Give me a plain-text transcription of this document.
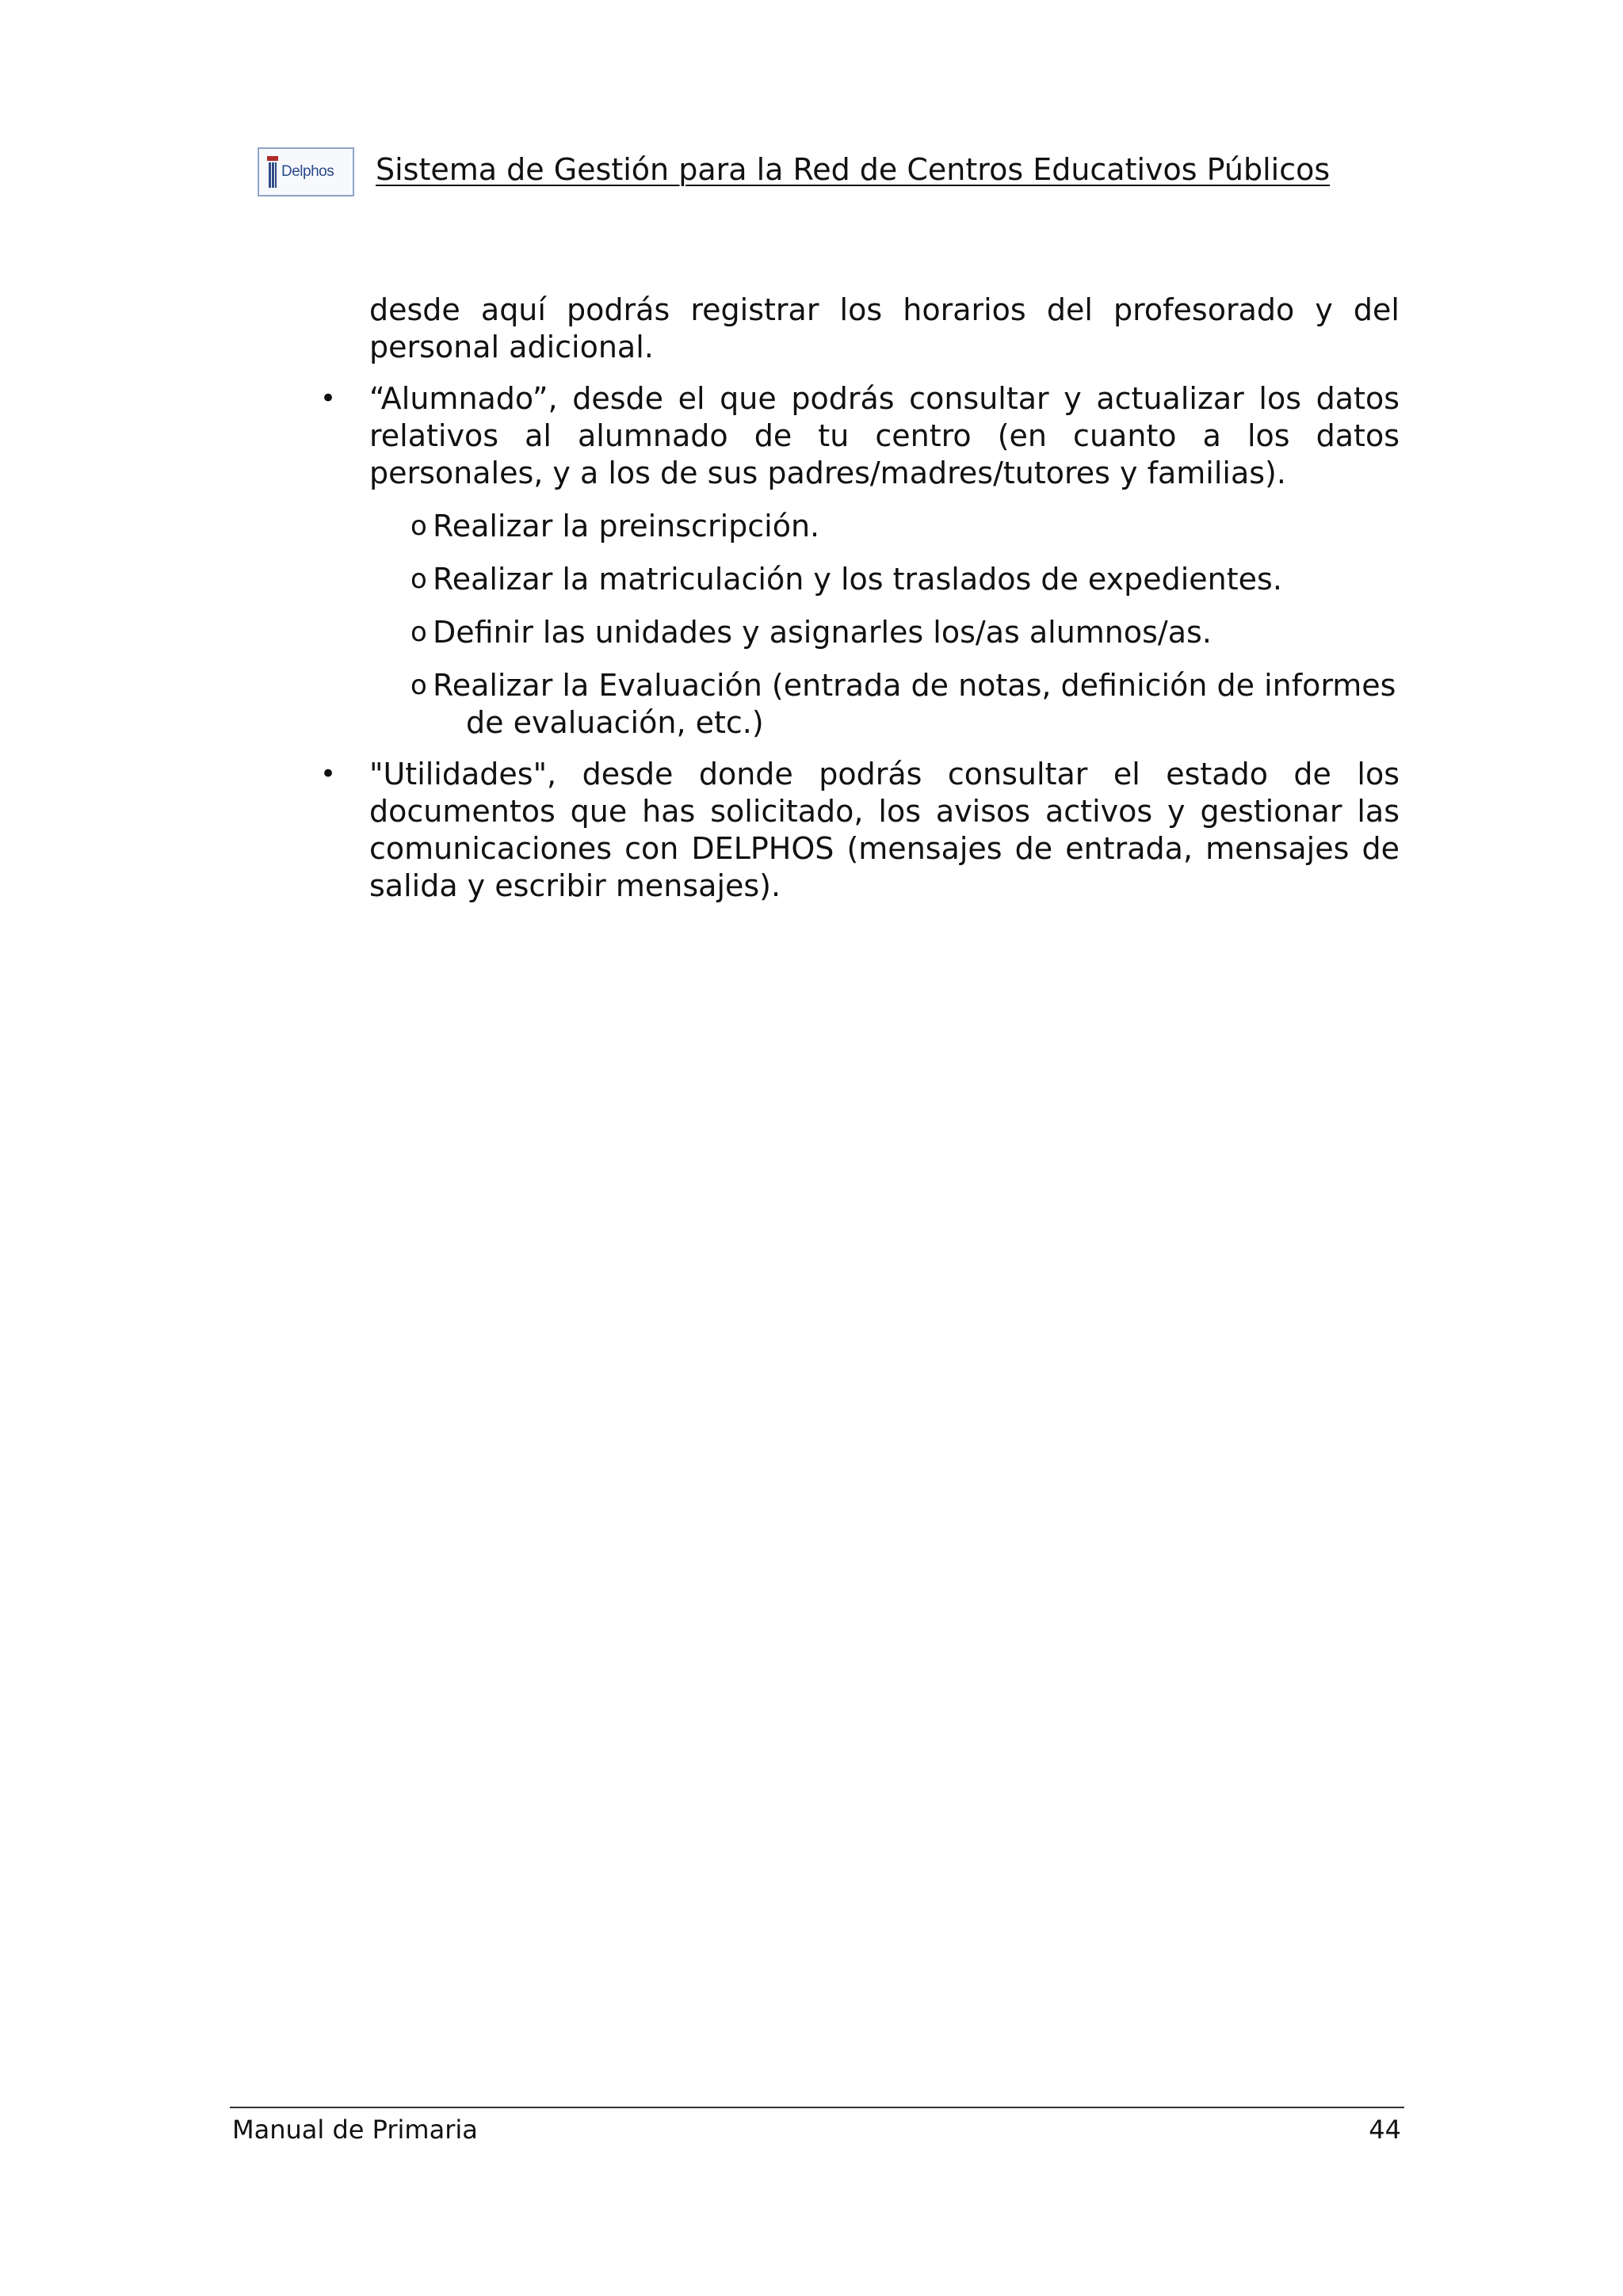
Delphos Sistema de Gestión para la Red de Centros Educativos Públicos

desde aquí podrás registrar los horarios del profesorado y del personal adicional.

• “Alumnado”, desde el que podrás consultar y actualizar los datos relativos al alumnado de tu centro (en cuanto a los datos personales, y a los de sus padres/madres/tutores y familias).
o Realizar la preinscripción.
o Realizar la matriculación y los traslados de expedientes.
o Definir las unidades y asignarles los/as alumnos/as.
o Realizar la Evaluación (entrada de notas, definición de informes
de evaluación, etc.)
• "Utilidades", desde donde podrás consultar el estado de los documentos que has solicitado, los avisos activos y gestionar las comunicaciones con DELPHOS (mensajes de entrada, mensajes de salida y escribir mensajes).
Manual de Primaria	44
